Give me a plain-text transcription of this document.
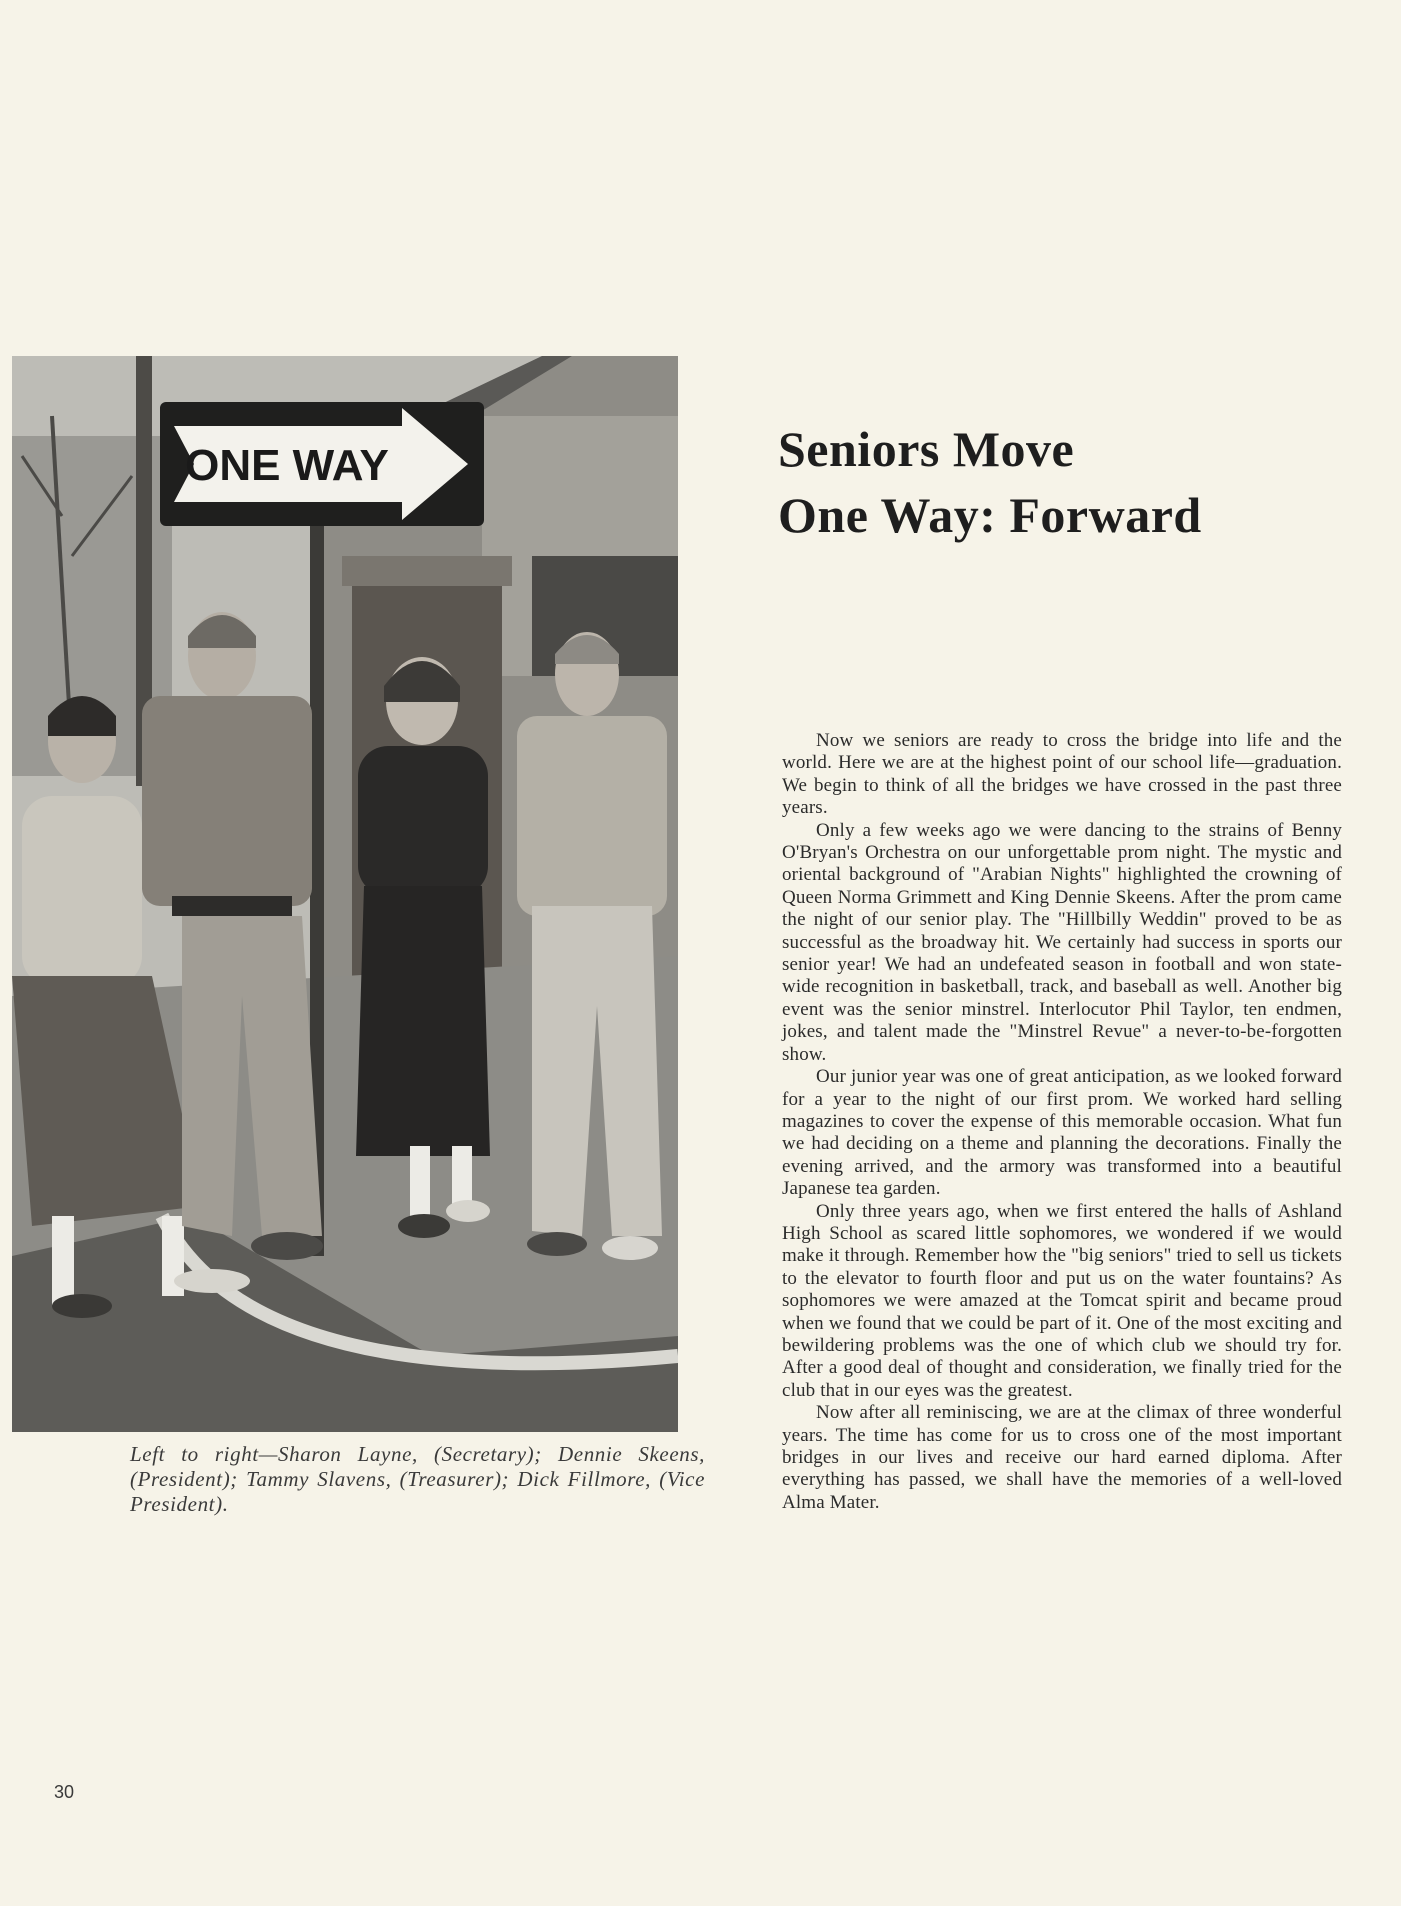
ONE WAY
Left to right—Sharon Layne, (Secretary); Dennie Skeens, (President); Tammy Slavens, (Treasurer); Dick Fillmore, (Vice President).
Seniors Move
One Way: Forward

Now we seniors are ready to cross the bridge into life and the world. Here we are at the highest point of our school life—graduation. We begin to think of all the bridges we have crossed in the past three years.

Only a few weeks ago we were dancing to the strains of Benny O'Bryan's Orchestra on our unforgettable prom night. The mystic and oriental background of "Arabian Nights" highlighted the crowning of Queen Norma Grimmett and King Dennie Skeens. After the prom came the night of our senior play. The "Hillbilly Weddin" proved to be as successful as the broadway hit. We certainly had success in sports our senior year! We had an undefeated season in football and won state-wide recognition in basketball, track, and baseball as well. Another big event was the senior minstrel. Interlocutor Phil Taylor, ten endmen, jokes, and talent made the "Minstrel Revue" a never-to-be-forgotten show.

Our junior year was one of great anticipation, as we looked forward for a year to the night of our first prom. We worked hard selling magazines to cover the expense of this memorable occasion. What fun we had deciding on a theme and planning the decorations. Finally the evening arrived, and the armory was transformed into a beautiful Japanese tea garden.

Only three years ago, when we first entered the halls of Ashland High School as scared little sophomores, we wondered if we would make it through. Remember how the "big seniors" tried to sell us tickets to the elevator to fourth floor and put us on the water fountains? As sophomores we were amazed at the Tomcat spirit and became proud when we found that we could be part of it. One of the most exciting and bewildering problems was the one of which club we should try for. After a good deal of thought and consideration, we finally tried for the club that in our eyes was the greatest.

Now after all reminiscing, we are at the climax of three wonderful years. The time has come for us to cross one of the most important bridges in our lives and receive our hard earned diploma. After everything has passed, we shall have the memories of a well-loved Alma Mater.

30
